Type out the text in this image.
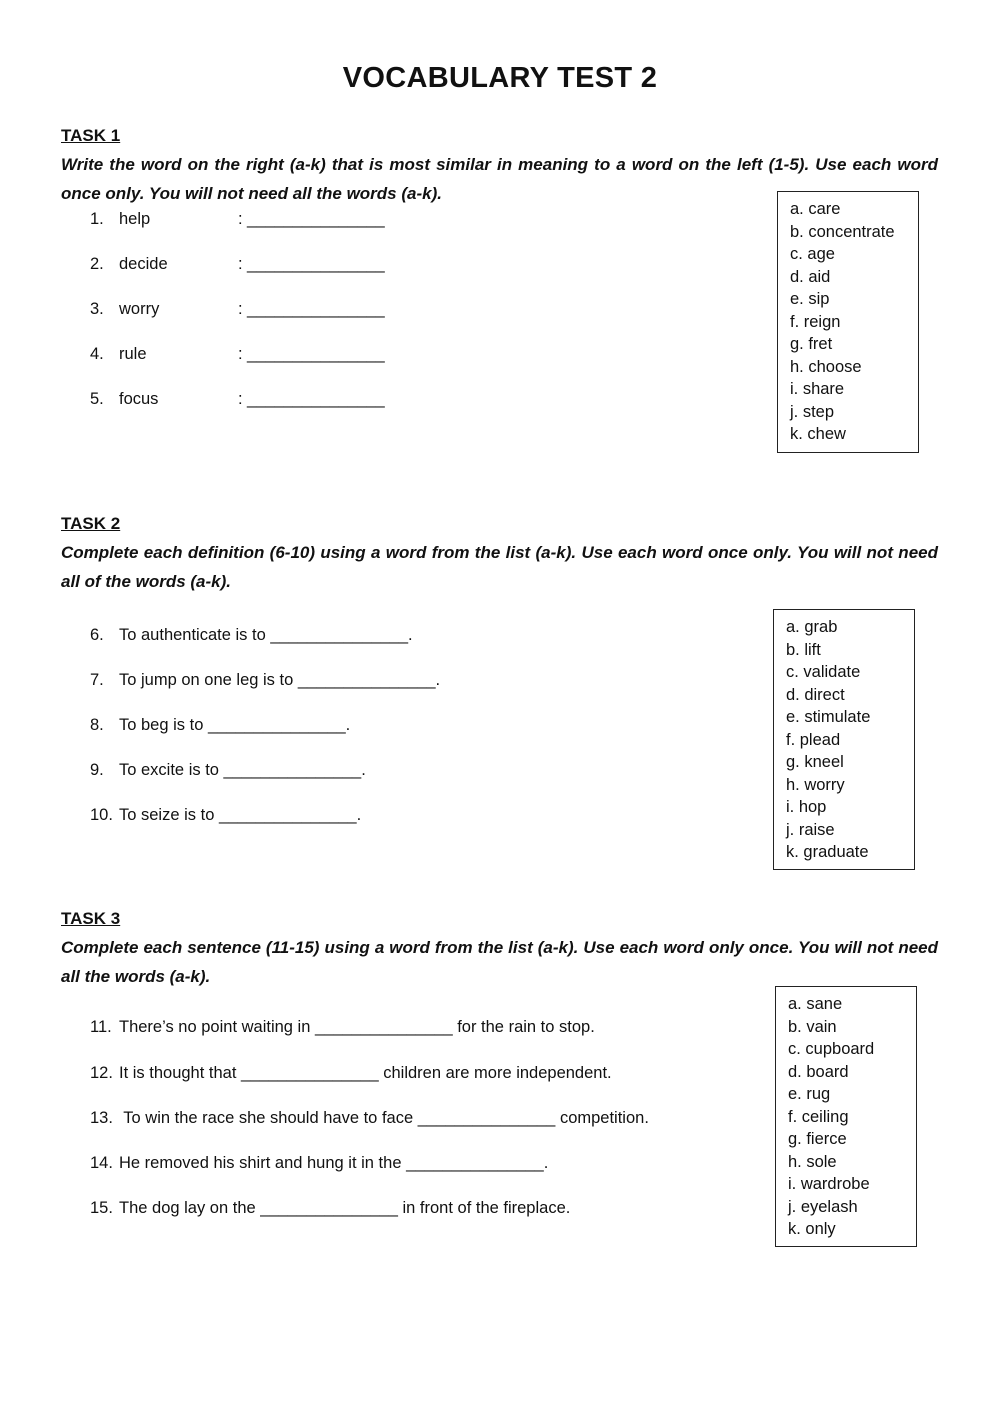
VOCABULARY TEST 2
TASK 1
Write the word on the right (a-k) that is most similar in meaning to a word on the left (1-5). Use each word once only. You will not need all the words (a-k).
1. help	: _______________
2. decide	: _______________
3. worry	: _______________
4. rule	: _______________
5. focus	: _______________
a. care
b. concentrate
c. age
d. aid
e. sip
f. reign
g. fret
h. choose
i. share
j. step
k. chew
TASK 2
Complete each definition (6-10) using a word from the list (a-k). Use each word once only. You will not need all of the words (a-k).
6. To authenticate is to _______________.
7. To jump on one leg is to _______________.
8. To beg is to _______________.
9. To excite is to _______________.
10. To seize is to _______________.
a. grab
b. lift
c. validate
d. direct
e. stimulate
f. plead
g. kneel
h. worry
i. hop
j. raise
k. graduate
TASK 3
Complete each sentence (11-15) using a word from the list (a-k). Use each word only once. You will not need all the words (a-k).
11. There’s no point waiting in _______________ for the rain to stop.
12. It is thought that _______________ children are more independent.
13. To win the race she should have to face _______________ competition.
14. He removed his shirt and hung it in the _______________.
15. The dog lay on the _______________ in front of the fireplace.
a. sane
b. vain
c. cupboard
d. board
e. rug
f. ceiling
g. fierce
h. sole
i. wardrobe
j. eyelash
k. only
